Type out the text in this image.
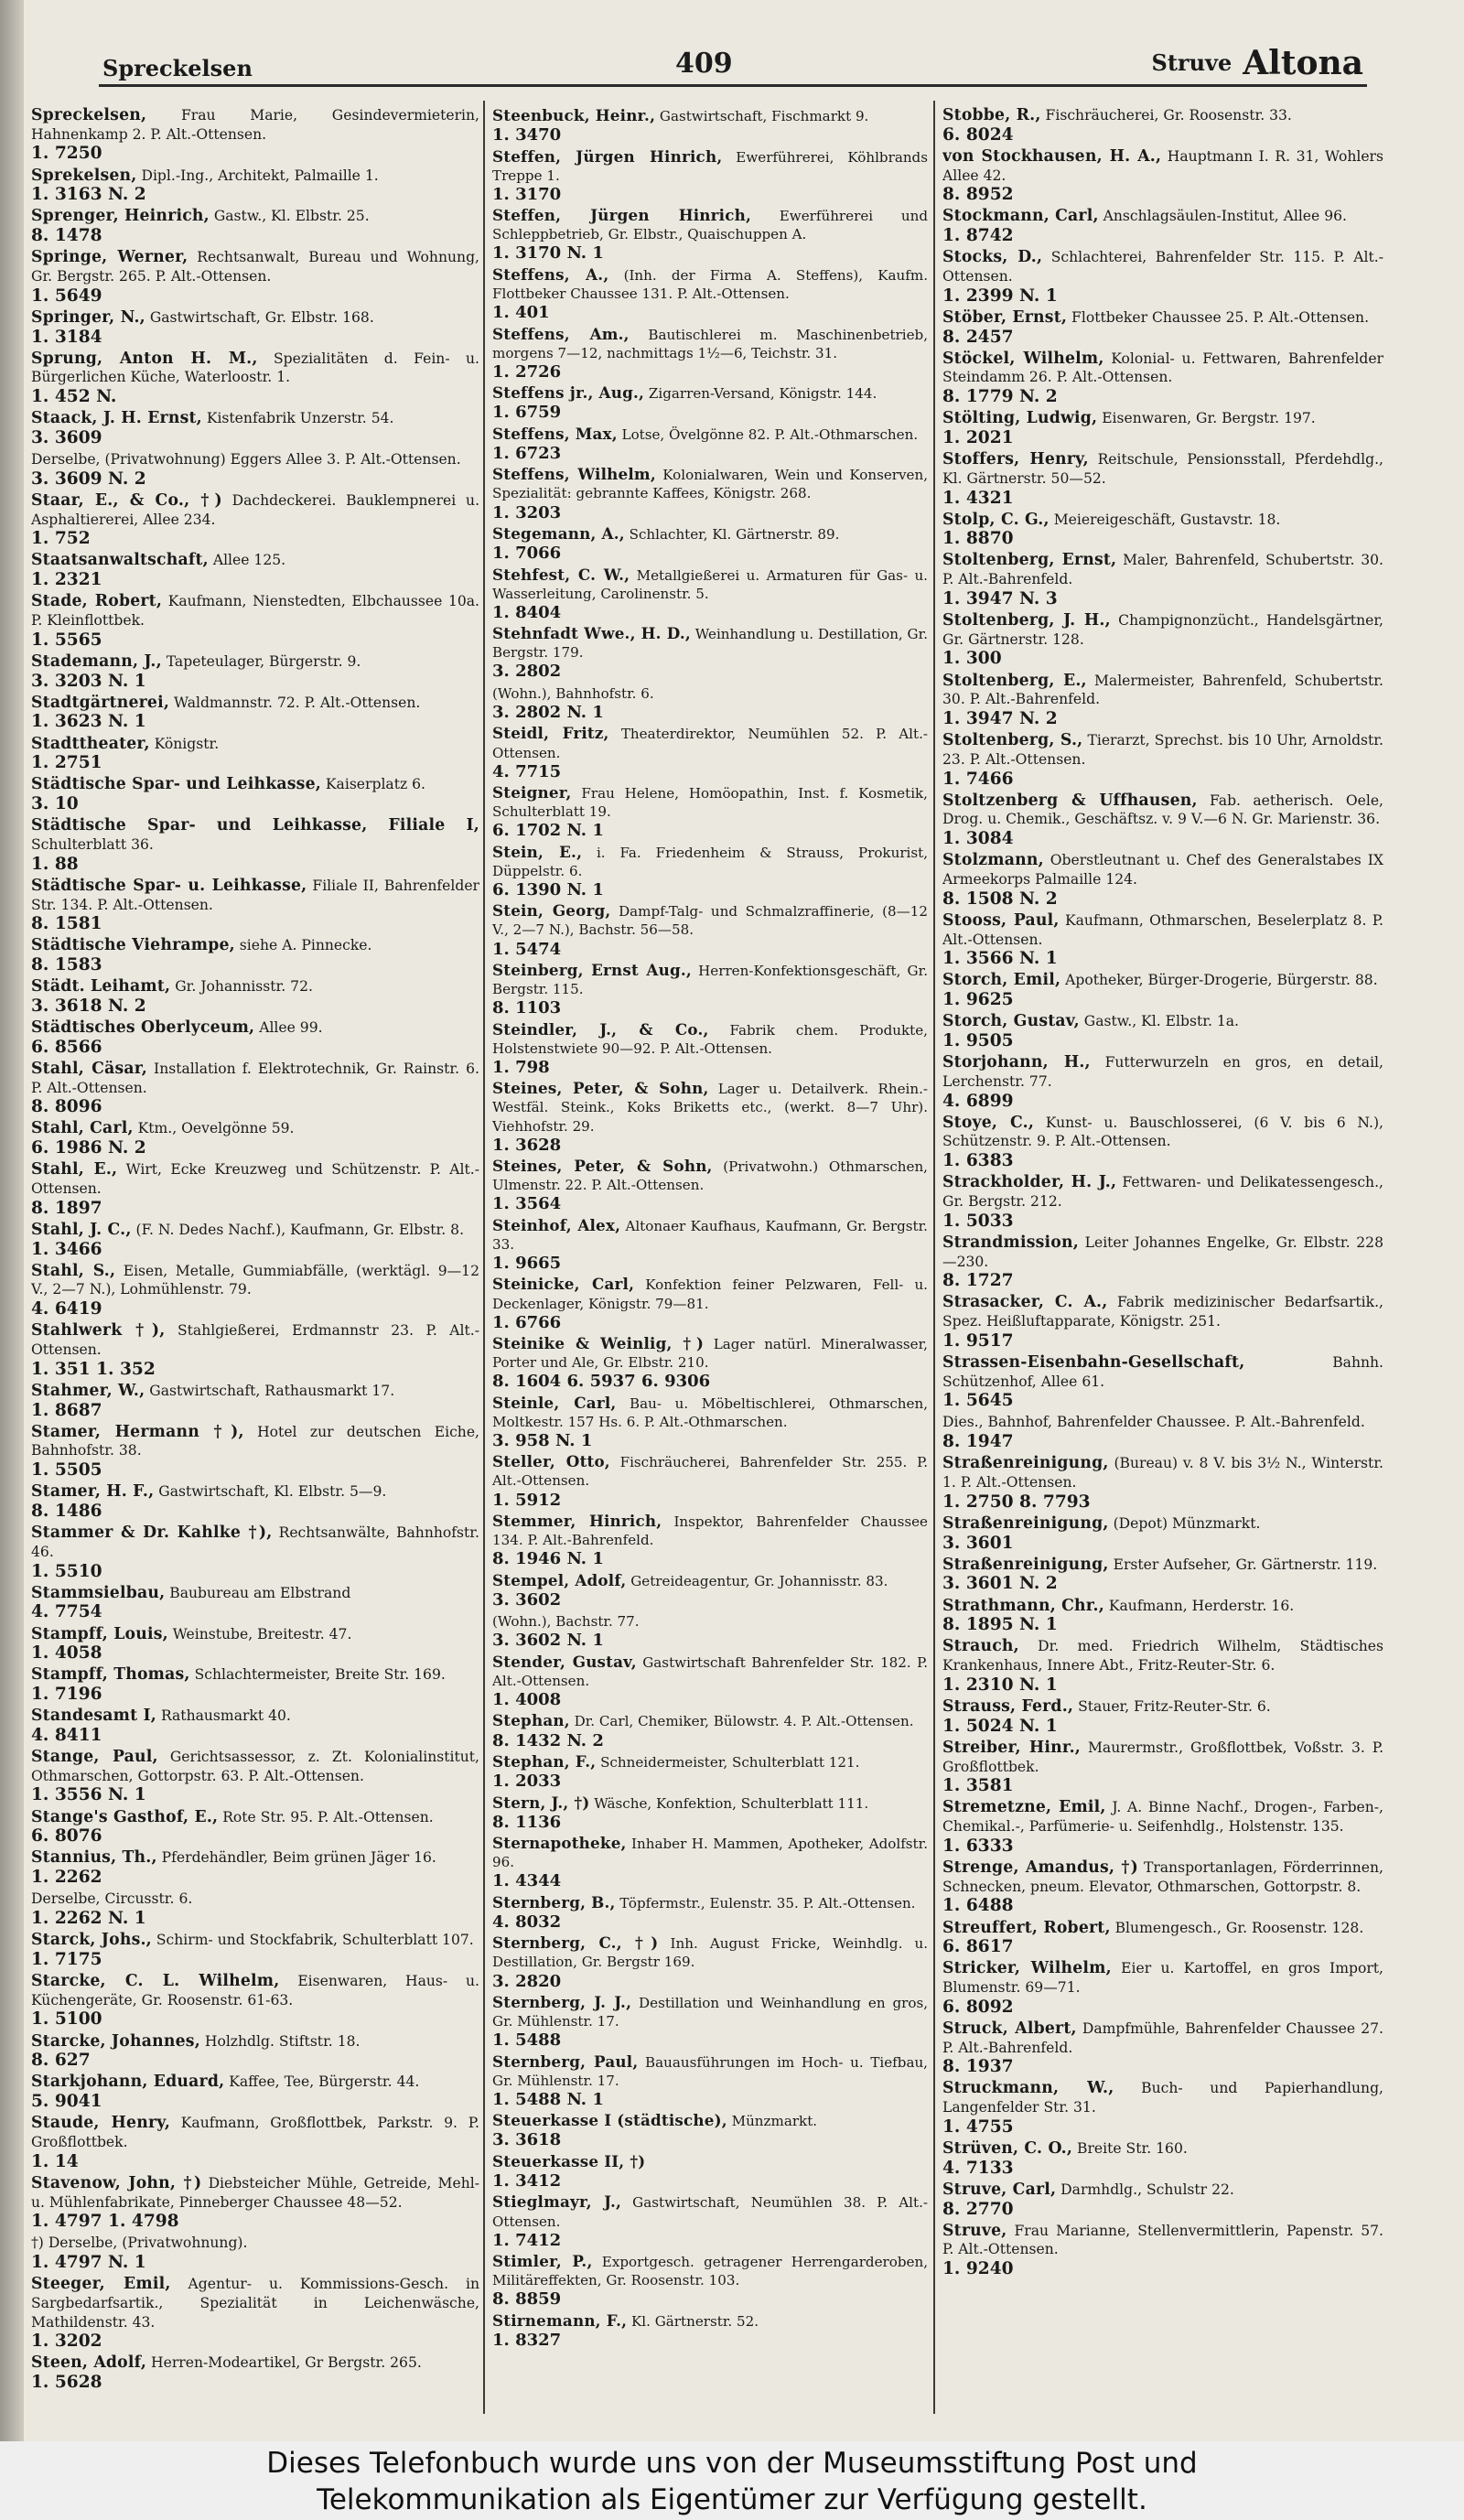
Spreckelsen	409	Struve Altona
Spreckelsen, Frau Marie, Gesindevermieterin, Hahnenkamp 2. P. Alt.-Ottensen.
1. 7250
Sprekelsen, Dipl.-Ing., Architekt, Palmaille 1.
1. 3163 N. 2
Sprenger, Heinrich, Gastw., Kl. Elbstr. 25.
8. 1478
Springe, Werner, Rechtsanwalt, Bureau und Wohnung, Gr. Bergstr. 265. P. Alt.-Ottensen.
1. 5649
Springer, N., Gastwirtschaft, Gr. Elbstr. 168.
1. 3184
Sprung, Anton H. M., Spezialitäten d. Fein- u. Bürgerlichen Küche, Waterloostr. 1.
1. 452 N.
Staack, J. H. Ernst, Kistenfabrik Unzerstr. 54.
3. 3609
Derselbe, (Privatwohnung) Eggers Allee 3. P. Alt.-Ottensen.
3. 3609 N. 2
Staar, E., & Co., †) Dachdeckerei. Bauklempnerei u. Asphaltiererei, Allee 234.
1. 752
Staatsanwaltschaft, Allee 125.
1. 2321
Stade, Robert, Kaufmann, Nienstedten, Elbchaussee 10a. P. Kleinflottbek.
1. 5565
Stademann, J., Tapeteulager, Bürgerstr. 9.
3. 3203 N. 1
Stadtgärtnerei, Waldmannstr. 72. P. Alt.-Ottensen.
1. 3623 N. 1
Stadttheater, Königstr.
1. 2751
Städtische Spar- und Leihkasse, Kaiserplatz 6.
3. 10
Städtische Spar- und Leihkasse, Filiale I, Schulterblatt 36.
1. 88
Städtische Spar- u. Leihkasse, Filiale II, Bahrenfelder Str. 134. P. Alt.-Ottensen.
8. 1581
Städtische Viehrampe, siehe A. Pinnecke.
8. 1583
Städt. Leihamt, Gr. Johannisstr. 72.
3. 3618 N. 2
Städtisches Oberlyceum, Allee 99.
6. 8566
Stahl, Cäsar, Installation f. Elektrotechnik, Gr. Rainstr. 6. P. Alt.-Ottensen.
8. 8096
Stahl, Carl, Ktm., Oevelgönne 59.
6. 1986 N. 2
Stahl, E., Wirt, Ecke Kreuzweg und Schützenstr. P. Alt.-Ottensen.
8. 1897
Stahl, J. C., (F. N. Dedes Nachf.), Kaufmann, Gr. Elbstr. 8.
1. 3466
Stahl, S., Eisen, Metalle, Gummiabfälle, (werktägl. 9—12 V., 2—7 N.), Lohmühlenstr. 79.
4. 6419
Stahlwerk †), Stahlgießerei, Erdmannstr 23. P. Alt.-Ottensen.
1. 351 1. 352
Stahmer, W., Gastwirtschaft, Rathausmarkt 17.
1. 8687
Stamer, Hermann †), Hotel zur deutschen Eiche, Bahnhofstr. 38.
1. 5505
Stamer, H. F., Gastwirtschaft, Kl. Elbstr. 5—9.
8. 1486
Stammer & Dr. Kahlke †), Rechtsanwälte, Bahnhofstr. 46.
1. 5510
Stammsielbau, Baubureau am Elbstrand
4. 7754
Stampff, Louis, Weinstube, Breitestr. 47.
1. 4058
Stampff, Thomas, Schlachtermeister, Breite Str. 169.
1. 7196
Standesamt I, Rathausmarkt 40.
4. 8411
Stange, Paul, Gerichtsassessor, z. Zt. Kolonialinstitut, Othmarschen, Gottorpstr. 63. P. Alt.-Ottensen.
1. 3556 N. 1
Stange's Gasthof, E., Rote Str. 95. P. Alt.-Ottensen.
6. 8076
Stannius, Th., Pferdehändler, Beim grünen Jäger 16.
1. 2262
Derselbe, Circusstr. 6.
1. 2262 N. 1
Starck, Johs., Schirm- und Stockfabrik, Schulterblatt 107.
1. 7175
Starcke, C. L. Wilhelm, Eisenwaren, Haus- u. Küchengeräte, Gr. Roosenstr. 61-63.
1. 5100
Starcke, Johannes, Holzhdlg. Stiftstr. 18.
8. 627
Starkjohann, Eduard, Kaffee, Tee, Bürgerstr. 44.
5. 9041
Staude, Henry, Kaufmann, Großflottbek, Parkstr. 9. P. Großflottbek.
1. 14
Stavenow, John, †) Diebsteicher Mühle, Getreide, Mehl- u. Mühlenfabrikate, Pinneberger Chaussee 48—52.
1. 4797 1. 4798
†) Derselbe, (Privatwohnung).
1. 4797 N. 1
Steeger, Emil, Agentur- u. Kommissions-Gesch. in Sargbedarfsartik., Spezialität in Leichenwäsche, Mathildenstr. 43.
1. 3202
Steen, Adolf, Herren-Modeartikel, Gr Bergstr. 265.
1. 5628
Steenbuck, Heinr., Gastwirtschaft, Fischmarkt 9.
1. 3470
Steffen, Jürgen Hinrich, Ewerführerei, Köhlbrands Treppe 1.
1. 3170
Steffen, Jürgen Hinrich, Ewerführerei und Schleppbetrieb, Gr. Elbstr., Quaischuppen A.
1. 3170 N. 1
Steffens, A., (Inh. der Firma A. Steffens), Kaufm. Flottbeker Chaussee 131. P. Alt.-Ottensen.
1. 401
Steffens, Am., Bautischlerei m. Maschinenbetrieb, morgens 7—12, nachmittags 1½—6, Teichstr. 31.
1. 2726
Steffens jr., Aug., Zigarren-Versand, Königstr. 144.
1. 6759
Steffens, Max, Lotse, Övelgönne 82. P. Alt.-Othmarschen.
1. 6723
Steffens, Wilhelm, Kolonialwaren, Wein und Konserven, Spezialität: gebrannte Kaffees, Königstr. 268.
1. 3203
Stegemann, A., Schlachter, Kl. Gärtnerstr. 89.
1. 7066
Stehfest, C. W., Metallgießerei u. Armaturen für Gas- u. Wasserleitung, Carolinenstr. 5.
1. 8404
Stehnfadt Wwe., H. D., Weinhandlung u. Destillation, Gr. Bergstr. 179.
3. 2802
(Wohn.), Bahnhofstr. 6.
3. 2802 N. 1
Steidl, Fritz, Theaterdirektor, Neumühlen 52. P. Alt.-Ottensen.
4. 7715
Steigner, Frau Helene, Homöopathin, Inst. f. Kosmetik, Schulterblatt 19.
6. 1702 N. 1
Stein, E., i. Fa. Friedenheim & Strauss, Prokurist, Düppelstr. 6.
6. 1390 N. 1
Stein, Georg, Dampf-Talg- und Schmalzraffinerie, (8—12 V., 2—7 N.), Bachstr. 56—58.
1. 5474
Steinberg, Ernst Aug., Herren-Konfektionsgeschäft, Gr. Bergstr. 115.
8. 1103
Steindler, J., & Co., Fabrik chem. Produkte, Holstenstwiete 90—92. P. Alt.-Ottensen.
1. 798
Steines, Peter, & Sohn, Lager u. Detailverk. Rhein.-Westfäl. Steink., Koks Briketts etc., (werkt. 8—7 Uhr). Viehhofstr. 29.
1. 3628
Steines, Peter, & Sohn, (Privatwohn.) Othmarschen, Ulmenstr. 22. P. Alt.-Ottensen.
1. 3564
Steinhof, Alex, Altonaer Kaufhaus, Kaufmann, Gr. Bergstr. 33.
1. 9665
Steinicke, Carl, Konfektion feiner Pelzwaren, Fell- u. Deckenlager, Königstr. 79—81.
1. 6766
Steinike & Weinlig, †) Lager natürl. Mineralwasser, Porter und Ale, Gr. Elbstr. 210.
8. 1604 6. 5937 6. 9306
Steinle, Carl, Bau- u. Möbeltischlerei, Othmarschen, Moltkestr. 157 Hs. 6. P. Alt.-Othmarschen.
3. 958 N. 1
Steller, Otto, Fischräucherei, Bahrenfelder Str. 255. P. Alt.-Ottensen.
1. 5912
Stemmer, Hinrich, Inspektor, Bahrenfelder Chaussee 134. P. Alt.-Bahrenfeld.
8. 1946 N. 1
Stempel, Adolf, Getreideagentur, Gr. Johannisstr. 83.
3. 3602
(Wohn.), Bachstr. 77.
3. 3602 N. 1
Stender, Gustav, Gastwirtschaft Bahrenfelder Str. 182. P. Alt.-Ottensen.
1. 4008
Stephan, Dr. Carl, Chemiker, Bülowstr. 4. P. Alt.-Ottensen.
8. 1432 N. 2
Stephan, F., Schneidermeister, Schulterblatt 121.
1. 2033
Stern, J., †) Wäsche, Konfektion, Schulterblatt 111.
8. 1136
Sternapotheke, Inhaber H. Mammen, Apotheker, Adolfstr. 96.
1. 4344
Sternberg, B., Töpfermstr., Eulenstr. 35. P. Alt.-Ottensen.
4. 8032
Sternberg, C., †) Inh. August Fricke, Weinhdlg. u. Destillation, Gr. Bergstr 169.
3. 2820
Sternberg, J. J., Destillation und Weinhandlung en gros, Gr. Mühlenstr. 17.
1. 5488
Sternberg, Paul, Bauausführungen im Hoch- u. Tiefbau, Gr. Mühlenstr. 17.
1. 5488 N. 1
Steuerkasse I (städtische), Münzmarkt.
3. 3618
Steuerkasse II, †)
1. 3412
Stieglmayr, J., Gastwirtschaft, Neumühlen 38. P. Alt.-Ottensen.
1. 7412
Stimler, P., Exportgesch. getragener Herrengarderoben, Militäreffekten, Gr. Roosenstr. 103.
8. 8859
Stirnemann, F., Kl. Gärtnerstr. 52.
1. 8327
Stobbe, R., Fischräucherei, Gr. Roosenstr. 33.
6. 8024
von Stockhausen, H. A., Hauptmann I. R. 31, Wohlers Allee 42.
8. 8952
Stockmann, Carl, Anschlagsäulen-Institut, Allee 96.
1. 8742
Stocks, D., Schlachterei, Bahrenfelder Str. 115. P. Alt.-Ottensen.
1. 2399 N. 1
Stöber, Ernst, Flottbeker Chaussee 25. P. Alt.-Ottensen.
8. 2457
Stöckel, Wilhelm, Kolonial- u. Fettwaren, Bahrenfelder Steindamm 26. P. Alt.-Ottensen.
8. 1779 N. 2
Stölting, Ludwig, Eisenwaren, Gr. Bergstr. 197.
1. 2021
Stoffers, Henry, Reitschule, Pensionsstall, Pferdehdlg., Kl. Gärtnerstr. 50—52.
1. 4321
Stolp, C. G., Meiereigeschäft, Gustavstr. 18.
1. 8870
Stoltenberg, Ernst, Maler, Bahrenfeld, Schubertstr. 30. P. Alt.-Bahrenfeld.
1. 3947 N. 3
Stoltenberg, J. H., Champignonzücht., Handelsgärtner, Gr. Gärtnerstr. 128.
1. 300
Stoltenberg, E., Malermeister, Bahrenfeld, Schubertstr. 30. P. Alt.-Bahrenfeld.
1. 3947 N. 2
Stoltenberg, S., Tierarzt, Sprechst. bis 10 Uhr, Arnoldstr. 23. P. Alt.-Ottensen.
1. 7466
Stoltzenberg & Uffhausen, Fab. aetherisch. Oele, Drog. u. Chemik., Geschäftsz. v. 9 V.—6 N. Gr. Marienstr. 36.
1. 3084
Stolzmann, Oberstleutnant u. Chef des Generalstabes IX Armeekorps Palmaille 124.
8. 1508 N. 2
Stooss, Paul, Kaufmann, Othmarschen, Beselerplatz 8. P. Alt.-Ottensen.
1. 3566 N. 1
Storch, Emil, Apotheker, Bürger-Drogerie, Bürgerstr. 88.
1. 9625
Storch, Gustav, Gastw., Kl. Elbstr. 1a.
1. 9505
Storjohann, H., Futterwurzeln en gros, en detail, Lerchenstr. 77.
4. 6899
Stoye, C., Kunst- u. Bauschlosserei, (6 V. bis 6 N.), Schützenstr. 9. P. Alt.-Ottensen.
1. 6383
Strackholder, H. J., Fettwaren- und Delikatessengesch., Gr. Bergstr. 212.
1. 5033
Strandmission, Leiter Johannes Engelke, Gr. Elbstr. 228—230.
8. 1727
Strasacker, C. A., Fabrik medizinischer Bedarfsartik., Spez. Heißluftapparate, Königstr. 251.
1. 9517
Strassen-Eisenbahn-Gesellschaft,	Bahnh. Schützenhof, Allee 61.
1. 5645
Dies., Bahnhof, Bahrenfelder Chaussee. P. Alt.-Bahrenfeld.
8. 1947
Straßenreinigung, (Bureau) v. 8 V. bis 3½ N., Winterstr. 1. P. Alt.-Ottensen.
1. 2750 8. 7793
Straßenreinigung, (Depot) Münzmarkt.
3. 3601
Straßenreinigung, Erster Aufseher, Gr. Gärtnerstr. 119.
3. 3601 N. 2
Strathmann, Chr., Kaufmann, Herderstr. 16.
8. 1895 N. 1
Strauch, Dr. med. Friedrich Wilhelm, Städtisches Krankenhaus, Innere Abt., Fritz-Reuter-Str. 6.
1. 2310 N. 1
Strauss, Ferd., Stauer, Fritz-Reuter-Str. 6.
1. 5024 N. 1
Streiber, Hinr., Maurermstr., Großflottbek, Voßstr. 3. P. Großflottbek.
1. 3581
Stremetzne, Emil, J. A. Binne Nachf., Drogen-, Farben-, Chemikal.-, Parfümerie- u. Seifenhdlg., Holstenstr. 135.
1. 6333
Strenge, Amandus, †) Transportanlagen, Förderrinnen, Schnecken, pneum. Elevator, Othmarschen, Gottorpstr. 8.
1. 6488
Streuffert, Robert, Blumengesch., Gr. Roosenstr. 128.
6. 8617
Stricker, Wilhelm, Eier u. Kartoffel, en gros Import, Blumenstr. 69—71.
6. 8092
Struck, Albert, Dampfmühle, Bahrenfelder Chaussee 27. P. Alt.-Bahrenfeld.
8. 1937
Struckmann, W., Buch- und Papierhandlung, Langenfelder Str. 31.
1. 4755
Strüven, C. O., Breite Str. 160.
4. 7133
Struve, Carl, Darmhdlg., Schulstr 22.
8. 2770
Struve, Frau Marianne, Stellenvermittlerin, Papenstr. 57. P. Alt.-Ottensen.
1. 9240
Dieses Telefonbuch wurde uns von der Museumsstiftung Post und
Telekommunikation als Eigentümer zur Verfügung gestellt.
